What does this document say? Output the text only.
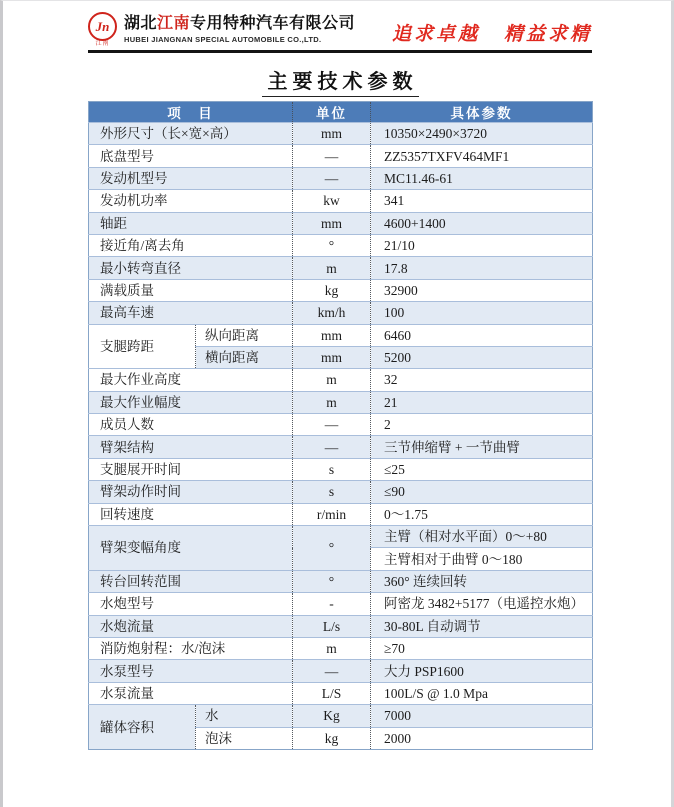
Jn
江南
湖北江南专用特种汽车有限公司
HUBEI JIANGNAN SPECIAL AUTOMOBILE CO.,LTD.	追求卓越 精益求精
主要技术参数
项　目		单位	具体参数
外形尺寸（长×宽×高）		mm	10350×2490×3720
底盘型号		—	ZZ5357TXFV464MF1
发动机型号		—	MC11.46-61
发动机功率		kw	341
轴距		mm	4600+1400
接近角/离去角		°	21/10
最小转弯直径		m	17.8
满载质量		kg	32900
最高车速		km/h	100
支腿跨距	纵向距离	mm	6460
	横向距离	mm	5200
最大作业高度		m	32
最大作业幅度		m	21
成员人数		—	2
臂架结构		—	三节伸缩臂 + 一节曲臂
支腿展开时间		s	≤25
臂架动作时间		s	≤90
回转速度		r/min	0～1.75
臂架变幅角度		°	主臂（相对水平面）0～+80
			主臂相对于曲臂 0～180
转台回转范围		°	360° 连续回转
水炮型号		-	阿密龙 3482+5177（电遥控水炮）
水炮流量		L/s	30-80L 自动调节
消防炮射程：水/泡沫		m	≥70
水泵型号		—	大力 PSP1600
水泵流量		L/S	100L/S @ 1.0 Mpa
罐体容积	水	Kg	7000
	泡沫	kg	2000
